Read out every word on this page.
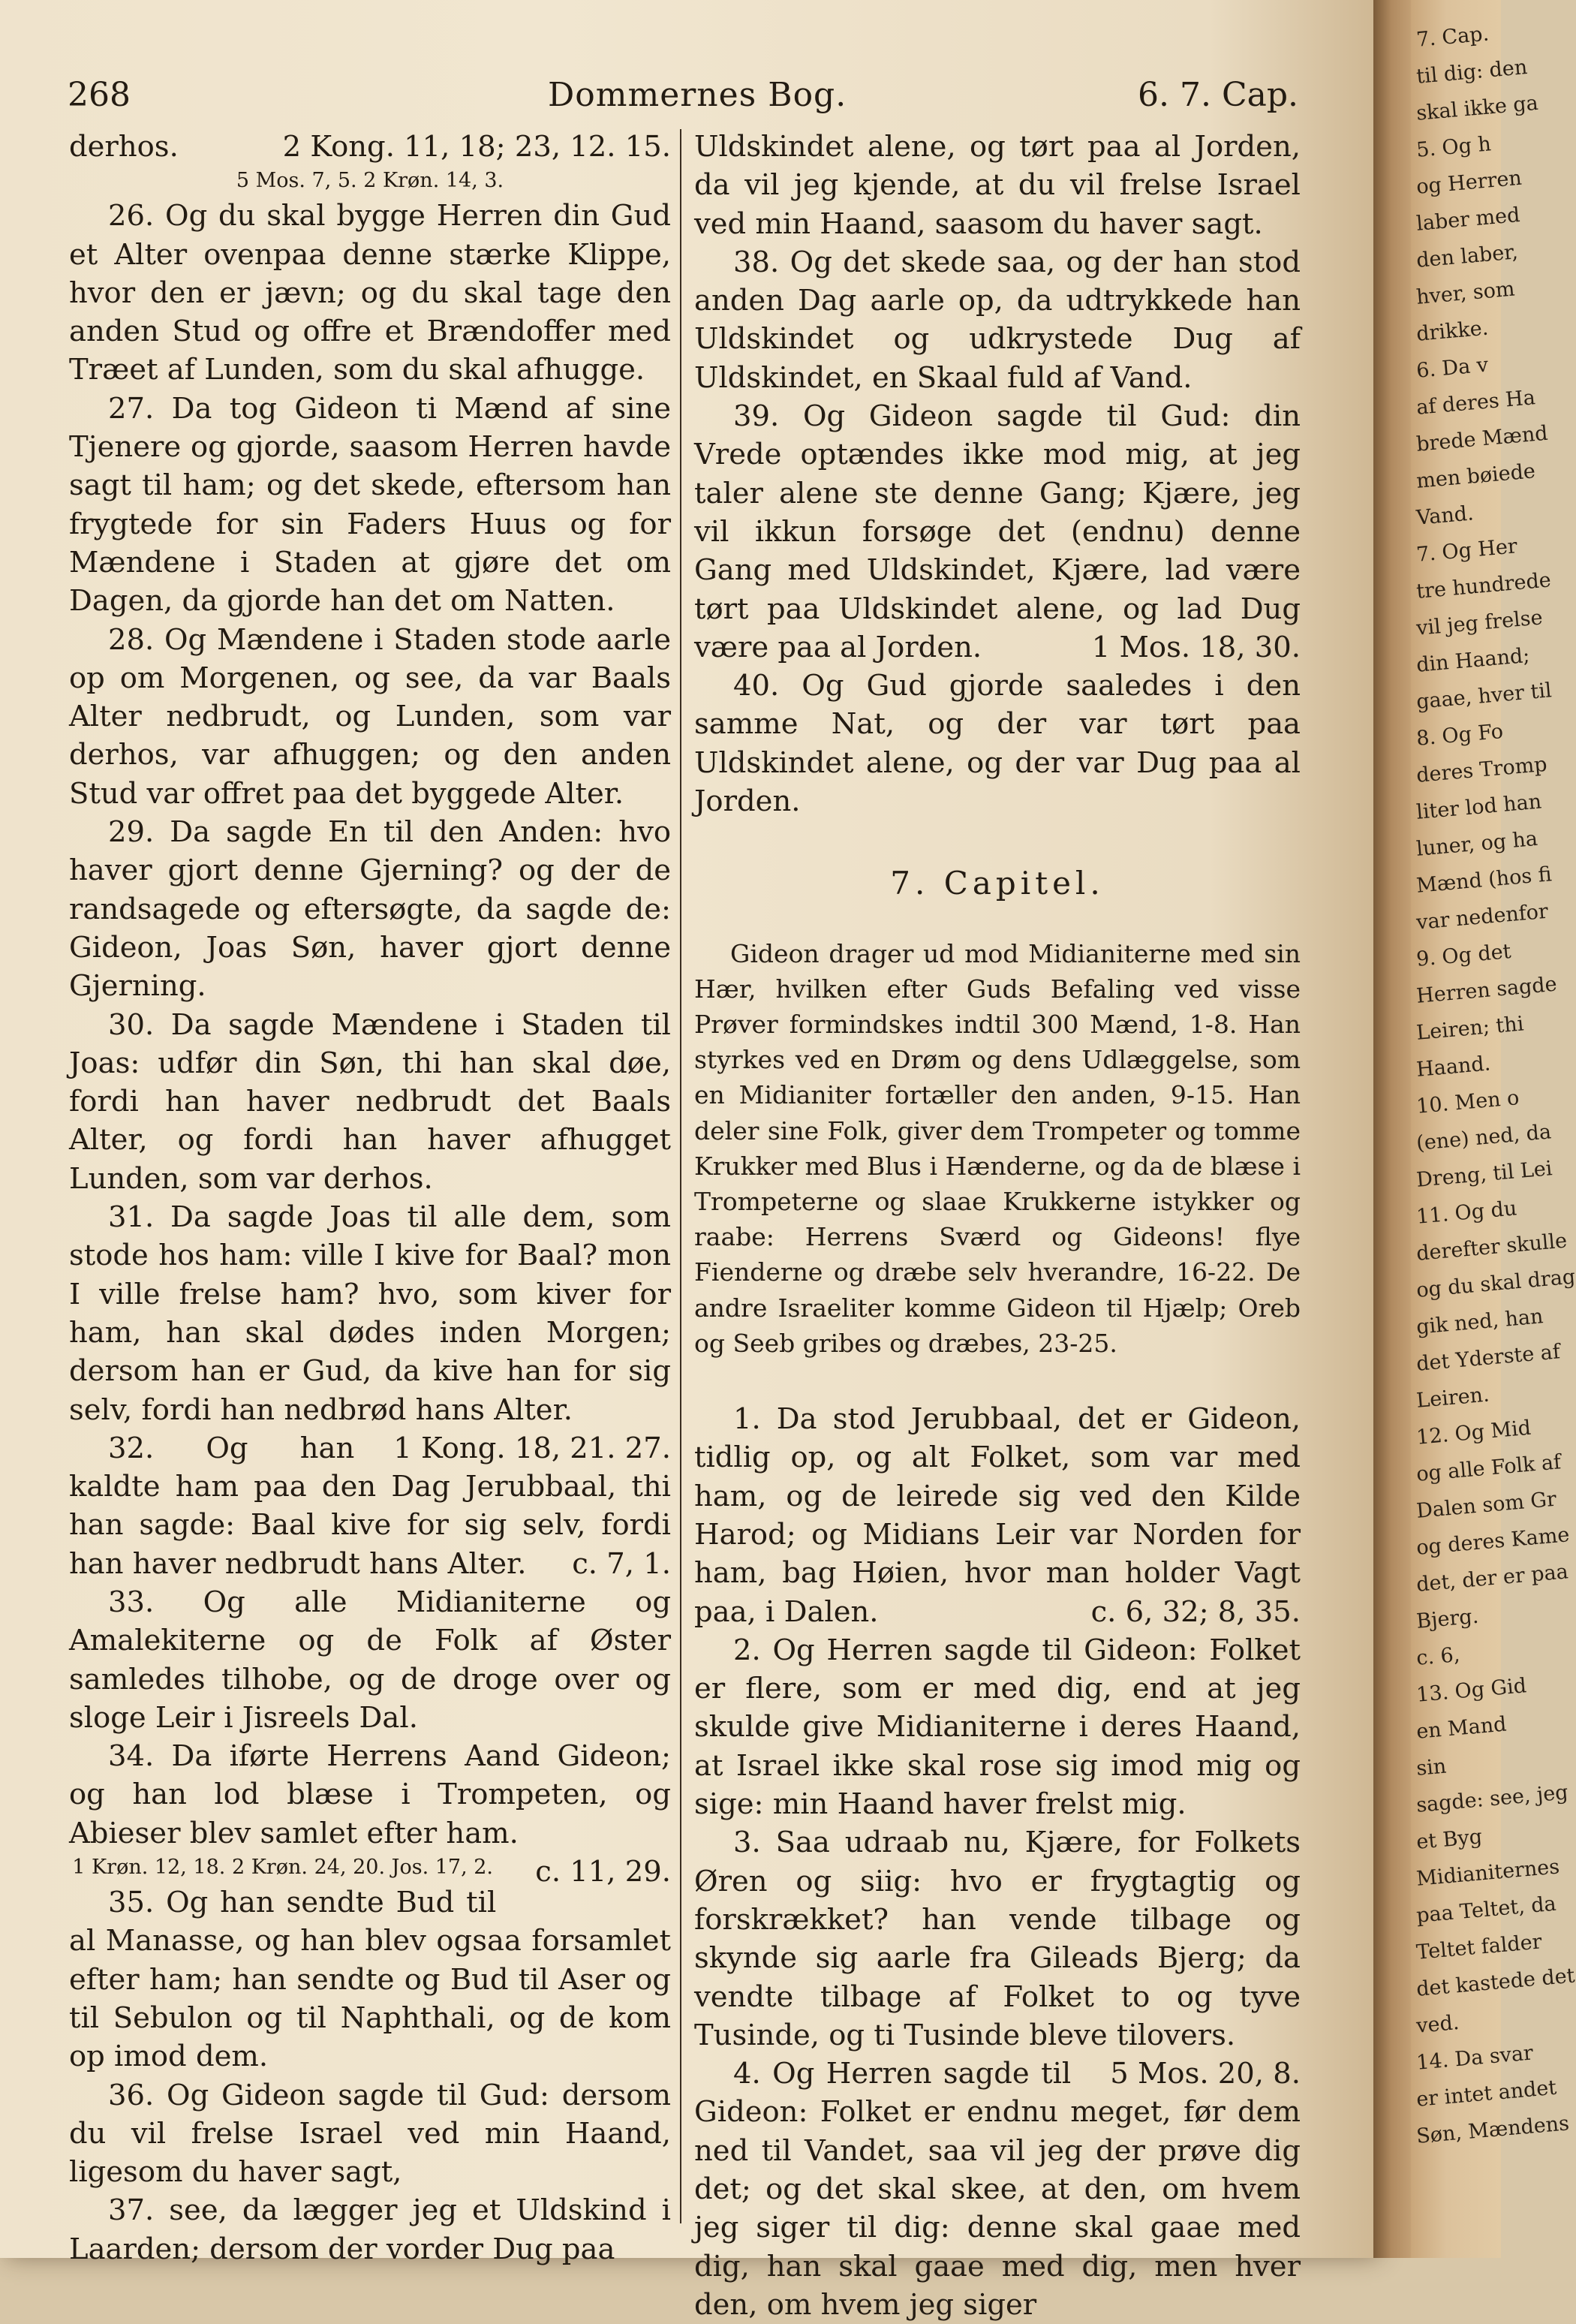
268	Dommernes Bog.	6. 7. Cap.

derhos.	2 Kong. 11, 18; 23, 12. 15.

5 Mos. 7, 5. 2 Krøn. 14, 3.

26. Og du skal bygge Herren din Gud et Alter ovenpaa denne stærke Klippe, hvor den er jævn; og du skal tage den anden Stud og offre et Brændoffer med Træet af Lunden, som du skal afhugge.

27. Da tog Gideon ti Mænd af sine Tjenere og gjorde, saasom Herren havde sagt til ham; og det skede, eftersom han frygtede for sin Faders Huus og for Mændene i Staden at gjøre det om Dagen, da gjorde han det om Natten.

28. Og Mændene i Staden stode aarle op om Morgenen, og see, da var Baals Alter nedbrudt, og Lunden, som var derhos, var afhuggen; og den anden Stud var offret paa det byggede Alter.

29. Da sagde En til den Anden: hvo haver gjort denne Gjerning? og der de randsagede og eftersøgte, da sagde de: Gideon, Joas Søn, haver gjort denne Gjerning.

30. Da sagde Mændene i Staden til Joas: udfør din Søn, thi han skal døe, fordi han haver nedbrudt det Baals Alter, og fordi han haver afhugget Lunden, som var derhos.

31. Da sagde Joas til alle dem, som stode hos ham: ville I kive for Baal? mon I ville frelse ham? hvo, som kiver for ham, han skal dødes inden Morgen; dersom han er Gud, da kive han for sig selv, fordi han nedbrød hans Alter.
1 Kong. 18, 21. 27.

32. Og han kaldte ham paa den Dag Jerubbaal, thi han sagde: Baal kive for sig selv, fordi han haver nedbrudt hans Alter.	c. 7, 1.

33. Og alle Midianiterne og Amalekiterne og de Folk af Øster samledes tilhobe, og de droge over og sloge Leir i Jisreels Dal.

34. Da iførte Herrens Aand Gideon; og han lod blæse i Trompeten, og Abieser blev samlet efter ham.
c. 11, 29.

1 Krøn. 12, 18. 2 Krøn. 24, 20. Jos. 17, 2.

35. Og han sendte Bud til al Manasse, og han blev ogsaa forsamlet efter ham; han sendte og Bud til Aser og til Sebulon og til Naphthali, og de kom op imod dem.

36. Og Gideon sagde til Gud: dersom du vil frelse Israel ved min Haand, ligesom du haver sagt,

37. see, da lægger jeg et Uldskind i Laarden; dersom der vorder Dug paa

Uldskindet alene, og tørt paa al Jorden, da vil jeg kjende, at du vil frelse Israel ved min Haand, saasom du haver sagt.

38. Og det skede saa, og der han stod anden Dag aarle op, da udtrykkede han Uldskindet og udkrystede Dug af Uldskindet, en Skaal fuld af Vand.

39. Og Gideon sagde til Gud: din Vrede optændes ikke mod mig, at jeg taler alene ste denne Gang; Kjære, jeg vil ikkun forsøge det (endnu) denne Gang med Uldskindet, Kjære, lad være tørt paa Uldskindet alene, og lad Dug være paa al Jorden.	1 Mos. 18, 30.

40. Og Gud gjorde saaledes i den samme Nat, og der var tørt paa Uldskindet alene, og der var Dug paa al Jorden.

7. Capitel.
Gideon drager ud mod Midianiterne med sin Hær, hvilken efter Guds Befaling ved visse Prøver formindskes indtil 300 Mænd, 1-8. Han styrkes ved en Drøm og dens Udlæggelse, som en Midianiter fortæller den anden, 9-15. Han deler sine Folk, giver dem Trompeter og tomme Krukker med Blus i Hænderne, og da de blæse i Trompeterne og slaae Krukkerne istykker og raabe: Herrens Sværd og Gideons! flye Fienderne og dræbe selv hverandre, 16-22. De andre Israeliter komme Gideon til Hjælp; Oreb og Seeb gribes og dræbes, 23-25.

1. Da stod Jerubbaal, det er Gideon, tidlig op, og alt Folket, som var med ham, og de leirede sig ved den Kilde Harod; og Midians Leir var Norden for ham, bag Høien, hvor man holder Vagt paa, i Dalen.	c. 6, 32; 8, 35.

2. Og Herren sagde til Gideon: Folket er flere, som er med dig, end at jeg skulde give Midianiterne i deres Haand, at Israel ikke skal rose sig imod mig og sige: min Haand haver frelst mig.

3. Saa udraab nu, Kjære, for Folkets Øren og siig: hvo er frygtagtig og forskrækket? han vende tilbage og skynde sig aarle fra Gileads Bjerg; da vendte tilbage af Folket to og tyve Tusinde, og ti Tusinde bleve tilovers.
5 Mos. 20, 8.

4. Og Herren sagde til Gideon: Folket er endnu meget, før dem ned til Vandet, saa vil jeg der prøve dig det; og det skal skee, at den, om hvem jeg siger til dig: denne skal gaae med dig, han skal gaae med dig, men hver den, om hvem jeg siger

7. Cap.
til dig: den
skal ikke ga
5. Og h
og Herren
laber med
den laber,
hver, som
drikke.
6. Da v
af deres Ha
brede Mænd
men bøiede
Vand.
7. Og Her
tre hundrede
vil jeg frelse
din Haand;
gaae, hver til
8. Og Fo
deres Tromp
liter lod han
luner, og ha
Mænd (hos fi
var nedenfor
9. Og det
Herren sagde
Leiren; thi
Haand.
10. Men o
(ene) ned, da
Dreng, til Lei
11. Og du
derefter skulle
og du skal drag
gik ned, han
det Yderste af
Leiren.
12. Og Mid
og alle Folk af
Dalen som Gr
og deres Kame
det, der er paa
Bjerg.
c. 6,
13. Og Gid
en Mand
sin
sagde: see, jeg
et Byg
Midianiternes
paa Teltet, da
Teltet falder
det kastede det
ved.
14. Da svar
er intet andet
Søn, Mændens
